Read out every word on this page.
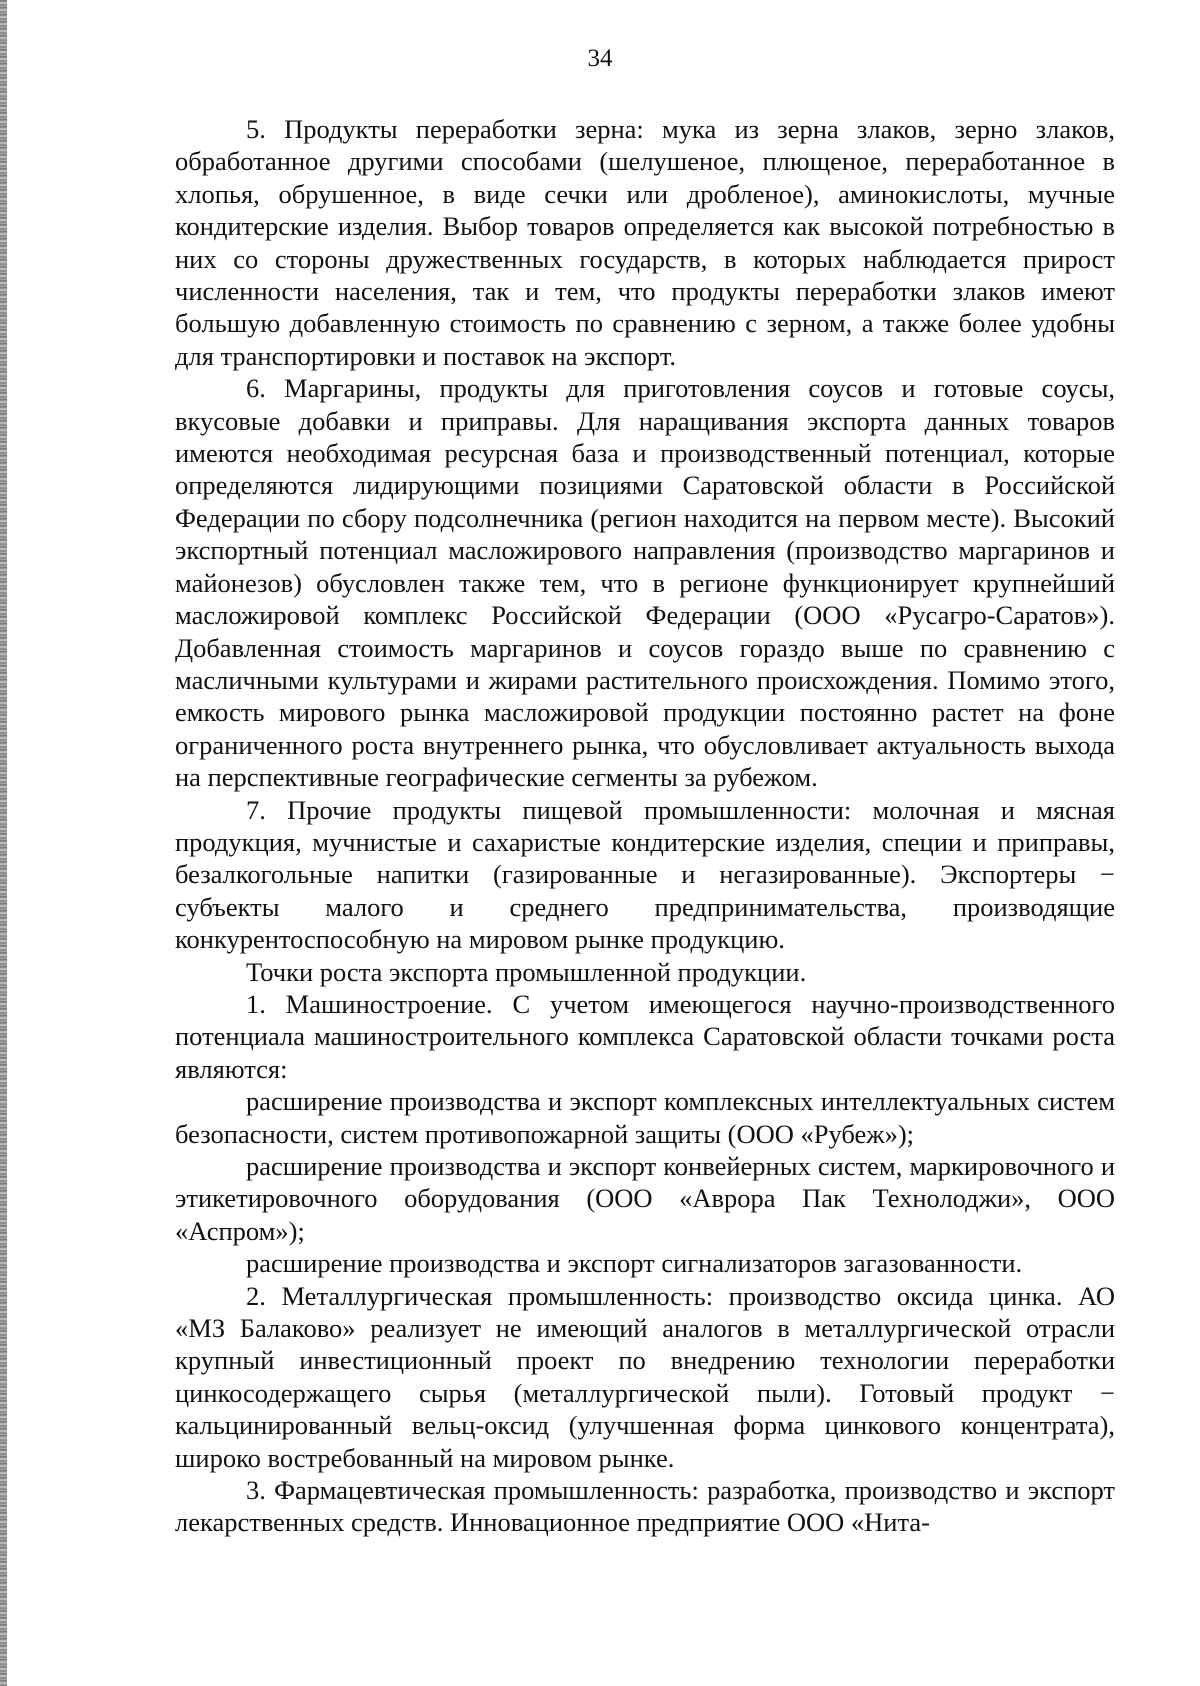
34

5. Продукты переработки зерна: мука из зерна злаков, зерно злаков, обработанное другими способами (шелушеное, плющеное, переработанное в хлопья, обрушенное, в виде сечки или дробленое), аминокислоты, мучные кондитерские изделия. Выбор товаров определяется как высокой потребностью в них со стороны дружественных государств, в которых наблюдается прирост численности населения, так и тем, что продукты переработки злаков имеют большую добавленную стоимость по сравнению с зерном, а также более удобны для транспортировки и поставок на экспорт.

6. Маргарины, продукты для приготовления соусов и готовые соусы, вкусовые добавки и приправы. Для наращивания экспорта данных товаров имеются необходимая ресурсная база и производственный потенциал, которые определяются лидирующими позициями Саратовской области в Российской Федерации по сбору подсолнечника (регион находится на первом месте). Высокий экспортный потенциал масложирового направления (производство маргаринов и майонезов) обусловлен также тем, что в регионе функционирует крупнейший масложировой комплекс Российской Федерации (ООО «Русагро-Саратов»). Добавленная стоимость маргаринов и соусов гораздо выше по сравнению с масличными культурами и жирами растительного происхождения. Помимо этого, емкость мирового рынка масложировой продукции постоянно растет на фоне ограниченного роста внутреннего рынка, что обусловливает актуальность выхода на перспективные географические сегменты за рубежом.

7. Прочие продукты пищевой промышленности: молочная и мясная продукция, мучнистые и сахаристые кондитерские изделия, специи и приправы, безалкогольные напитки (газированные и негазированные). Экспортеры − субъекты малого и среднего предпринимательства, производящие конкурентоспособную на мировом рынке продукцию.

Точки роста экспорта промышленной продукции.

1. Машиностроение. С учетом имеющегося научно-производственного потенциала машиностроительного комплекса Саратовской области точками роста являются:

расширение производства и экспорт комплексных интеллектуальных систем безопасности, систем противопожарной защиты (ООО «Рубеж»);

расширение производства и экспорт конвейерных систем, маркировочного и этикетировочного оборудования (ООО «Аврора Пак Технолоджи», ООО «Аспром»);

расширение производства и экспорт сигнализаторов загазованности.

2. Металлургическая промышленность: производство оксида цинка. АО «МЗ Балаково» реализует не имеющий аналогов в металлургической отрасли крупный инвестиционный проект по внедрению технологии переработки цинкосодержащего сырья (металлургической пыли). Готовый продукт − кальцинированный вельц-оксид (улучшенная форма цинкового концентрата), широко востребованный на мировом рынке.

3. Фармацевтическая промышленность: разработка, производство и экспорт лекарственных средств. Инновационное предприятие ООО «Нита-
